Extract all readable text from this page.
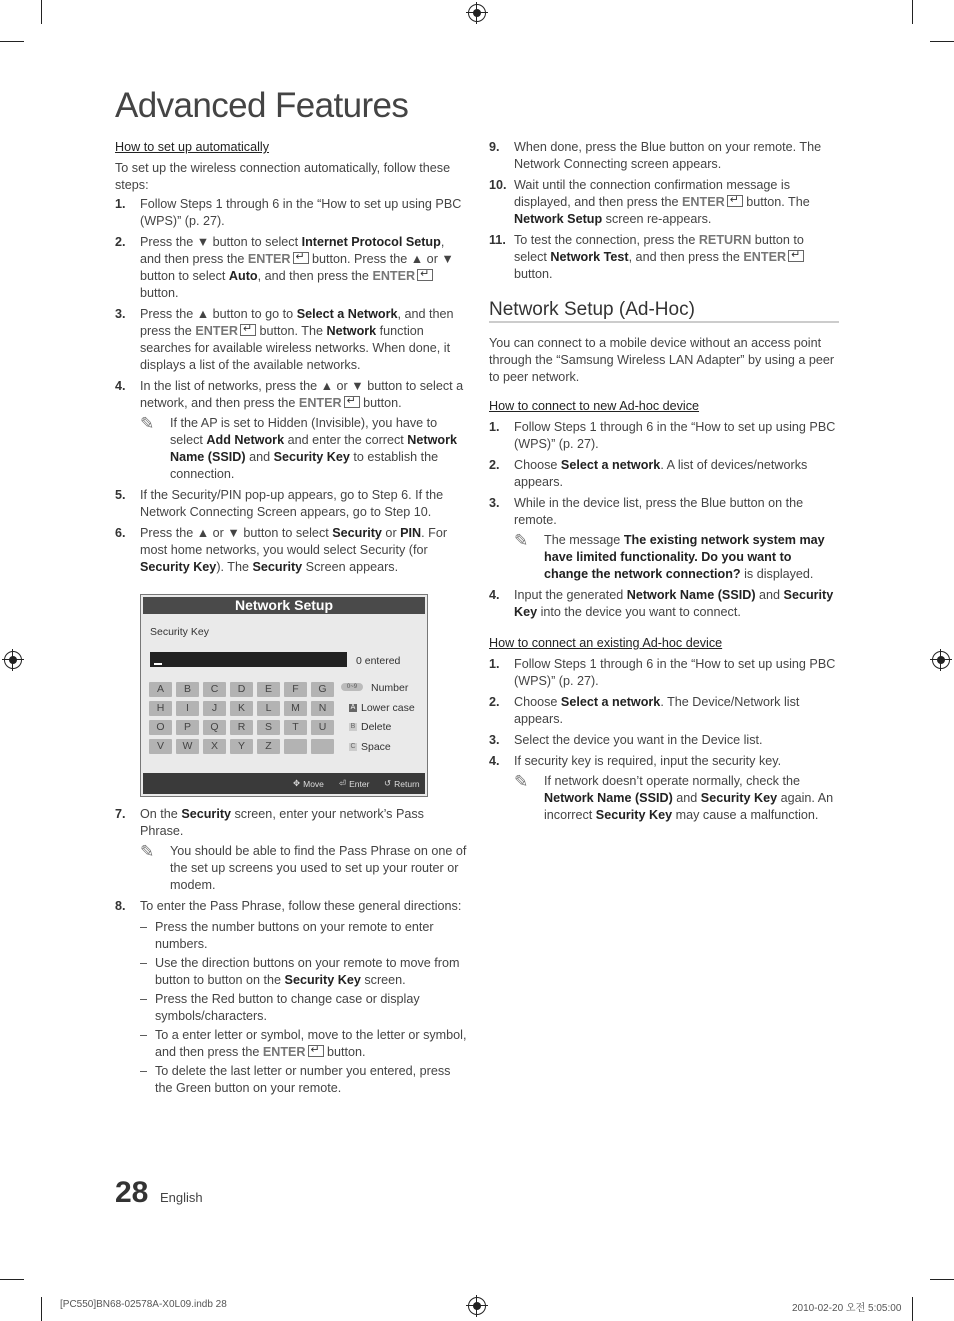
Advanced Features
How to set up automatically
To set up the wireless connection automatically, follow these steps:
1. Follow Steps 1 through 6 in the “How to set up using PBC (WPS)” (p. 27).
2. Press the ▼ button to select Internet Protocol Setup, and then press the ENTER↵ button. Press the ▲ or ▼ button to select Auto, and then press the ENTER↵ button.
3. Press the ▲ button to go to Select a Network, and then press the ENTER↵ button. The Network function searches for available wireless networks. When done, it displays a list of the available networks.
4. In the list of networks, press the ▲ or ▼ button to select a network, and then press the ENTER↵ button.
✎ If the AP is set to Hidden (Invisible), you have to select Add Network and enter the correct Network Name (SSID) and Security Key to establish the connection.
5. If the Security/PIN pop-up appears, go to Step 6. If the Network Connecting Screen appears, go to Step 10.
6. Press the ▲ or ▼ button to select Security or PIN. For most home networks, you would select Security (for Security Key). The Security Screen appears.
Network Setup
Security Key
0 entered
A	B	C	D	E	F	G
H	I	J	K	L	M	N
O	P	Q	R	S	T	U
V	W	X	Y	Z
0~9	Number
A Lower case
B Delete
C Space
✥ Move ⏎ Enter ↺ Return
7. On the Security screen, enter your network’s Pass Phrase.
✎ You should be able to find the Pass Phrase on one of the set up screens you used to set up your router or modem.
8. To enter the Pass Phrase, follow these general directions:
– Press the number buttons on your remote to enter numbers.
– Use the direction buttons on your remote to move from button to button on the Security Key screen.
– Press the Red button to change case or display symbols/characters.
– To a enter letter or symbol, move to the letter or symbol, and then press the ENTER↵ button.
– To delete the last letter or number you entered, press the Green button on your remote.
9. When done, press the Blue button on your remote. The Network Connecting screen appears.
10. Wait until the connection confirmation message is displayed, and then press the ENTER↵ button. The Network Setup screen re-appears.
11. To test the connection, press the RETURN button to select Network Test, and then press the ENTER↵ button.
Network Setup (Ad-Hoc)
You can connect to a mobile device without an access point through the “Samsung Wireless LAN Adapter” by using a peer to peer network.
How to connect to new Ad-hoc device
1. Follow Steps 1 through 6 in the “How to set up using PBC (WPS)” (p. 27).
2. Choose Select a network. A list of devices/networks appears.
3. While in the device list, press the Blue button on the remote.
✎ The message The existing network system may have limited functionality. Do you want to change the network connection? is displayed.
4. Input the generated Network Name (SSID) and Security Key into the device you want to connect.
How to connect an existing Ad-hoc device
1. Follow Steps 1 through 6 in the “How to set up using PBC (WPS)” (p. 27).
2. Choose Select a network. The Device/Network list appears.
3. Select the device you want in the Device list.
4. If security key is required, input the security key.
✎ If network doesn’t operate normally, check the Network Name (SSID) and Security Key again. An incorrect Security Key may cause a malfunction.
28 English
[PC550]BN68-02578A-X0L09.indb 28	2010-02-20 오전 5:05:00
